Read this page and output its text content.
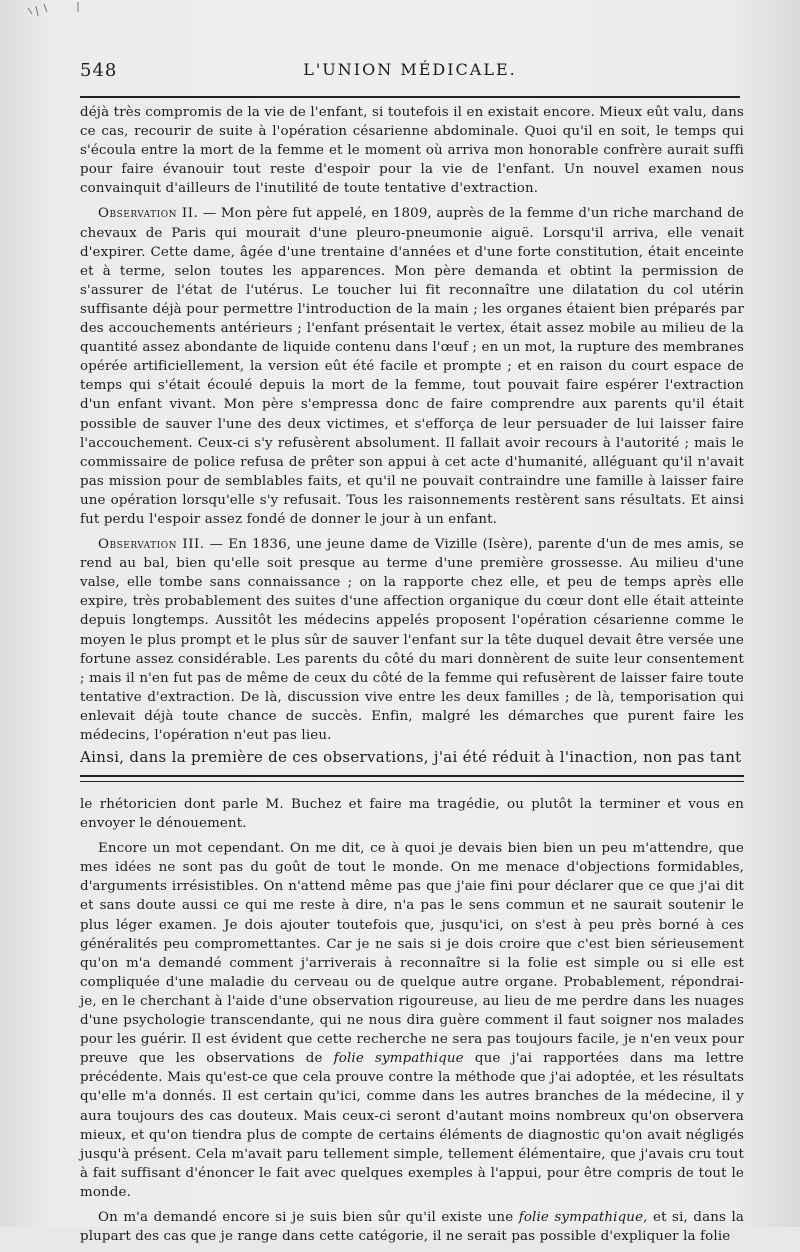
548	L'UNION MÉDICALE.

déjà très compromis de la vie de l'enfant, si toutefois il en existait encore. Mieux eût valu, dans ce cas, recourir de suite à l'opération césarienne abdominale. Quoi qu'il en soit, le temps qui s'écoula entre la mort de la femme et le moment où arriva mon honorable confrère aurait suffi pour faire évanouir tout reste d'espoir pour la vie de l'enfant. Un nouvel examen nous convainquit d'ailleurs de l'inutilité de toute tentative d'extraction.

Observation II. — Mon père fut appelé, en 1809, auprès de la femme d'un riche marchand de chevaux de Paris qui mourait d'une pleuro-pneumonie aiguë. Lorsqu'il arriva, elle venait d'expirer. Cette dame, âgée d'une trentaine d'années et d'une forte constitution, était enceinte et à terme, selon toutes les apparences. Mon père demanda et obtint la permission de s'assurer de l'état de l'utérus. Le toucher lui fit reconnaître une dilatation du col utérin suffisante déjà pour permettre l'introduction de la main ; les organes étaient bien préparés par des accouchements antérieurs ; l'enfant présentait le vertex, était assez mobile au milieu de la quantité assez abondante de liquide contenu dans l'œuf ; en un mot, la rupture des membranes opérée artificiellement, la version eût été facile et prompte ; et en raison du court espace de temps qui s'était écoulé depuis la mort de la femme, tout pouvait faire espérer l'extraction d'un enfant vivant. Mon père s'empressa donc de faire comprendre aux parents qu'il était possible de sauver l'une des deux victimes, et s'efforça de leur persuader de lui laisser faire l'accouchement. Ceux-ci s'y refusèrent absolument. Il fallait avoir recours à l'autorité ; mais le commissaire de police refusa de prêter son appui à cet acte d'humanité, alléguant qu'il n'avait pas mission pour de semblables faits, et qu'il ne pouvait contraindre une famille à laisser faire une opération lorsqu'elle s'y refusait. Tous les raisonnements restèrent sans résultats. Et ainsi fut perdu l'espoir assez fondé de donner le jour à un enfant.

Observation III. — En 1836, une jeune dame de Vizille (Isère), parente d'un de mes amis, se rend au bal, bien qu'elle soit presque au terme d'une première grossesse. Au milieu d'une valse, elle tombe sans connaissance ; on la rapporte chez elle, et peu de temps après elle expire, très probablement des suites d'une affection organique du cœur dont elle était atteinte depuis longtemps. Aussitôt les médecins appelés proposent l'opération césarienne comme le moyen le plus prompt et le plus sûr de sauver l'enfant sur la tête duquel devait être versée une fortune assez considérable. Les parents du côté du mari donnèrent de suite leur consentement ; mais il n'en fut pas de même de ceux du côté de la femme qui refusèrent de laisser faire toute tentative d'extraction. De là, discussion vive entre les deux familles ; de là, temporisation qui enlevait déjà toute chance de succès. Enfin, malgré les démarches que purent faire les médecins, l'opération n'eut pas lieu.

Ainsi, dans la première de ces observations, j'ai été réduit à l'inaction, non pas tant

le rhétoricien dont parle M. Buchez et faire ma tragédie, ou plutôt la terminer et vous en envoyer le dénouement.

Encore un mot cependant. On me dit, ce à quoi je devais bien bien un peu m'attendre, que mes idées ne sont pas du goût de tout le monde. On me menace d'objections formidables, d'arguments irrésistibles. On n'attend même pas que j'aie fini pour déclarer que ce que j'ai dit et sans doute aussi ce qui me reste à dire, n'a pas le sens commun et ne saurait soutenir le plus léger examen. Je dois ajouter toutefois que, jusqu'ici, on s'est à peu près borné à ces généralités peu compromettantes. Car je ne sais si je dois croire que c'est bien sérieusement qu'on m'a demandé comment j'arriverais à reconnaître si la folie est simple ou si elle est compliquée d'une maladie du cerveau ou de quelque autre organe. Probablement, répondrai-je, en le cherchant à l'aide d'une observation rigoureuse, au lieu de me perdre dans les nuages d'une psychologie transcendante, qui ne nous dira guère comment il faut soigner nos malades pour les guérir. Il est évident que cette recherche ne sera pas toujours facile, je n'en veux pour preuve que les observations de folie sympathique que j'ai rapportées dans ma lettre précédente. Mais qu'est-ce que cela prouve contre la méthode que j'ai adoptée, et les résultats qu'elle m'a donnés. Il est certain qu'ici, comme dans les autres branches de la médecine, il y aura toujours des cas douteux. Mais ceux-ci seront d'autant moins nombreux qu'on observera mieux, et qu'on tiendra plus de compte de certains éléments de diagnostic qu'on avait négligés jusqu'à présent. Cela m'avait paru tellement simple, tellement élémentaire, que j'avais cru tout à fait suffisant d'énoncer le fait avec quelques exemples à l'appui, pour être compris de tout le monde.

On m'a demandé encore si je suis bien sûr qu'il existe une folie sympathique, et si, dans la plupart des cas que je range dans cette catégorie, il ne serait pas possible d'expliquer la folie
